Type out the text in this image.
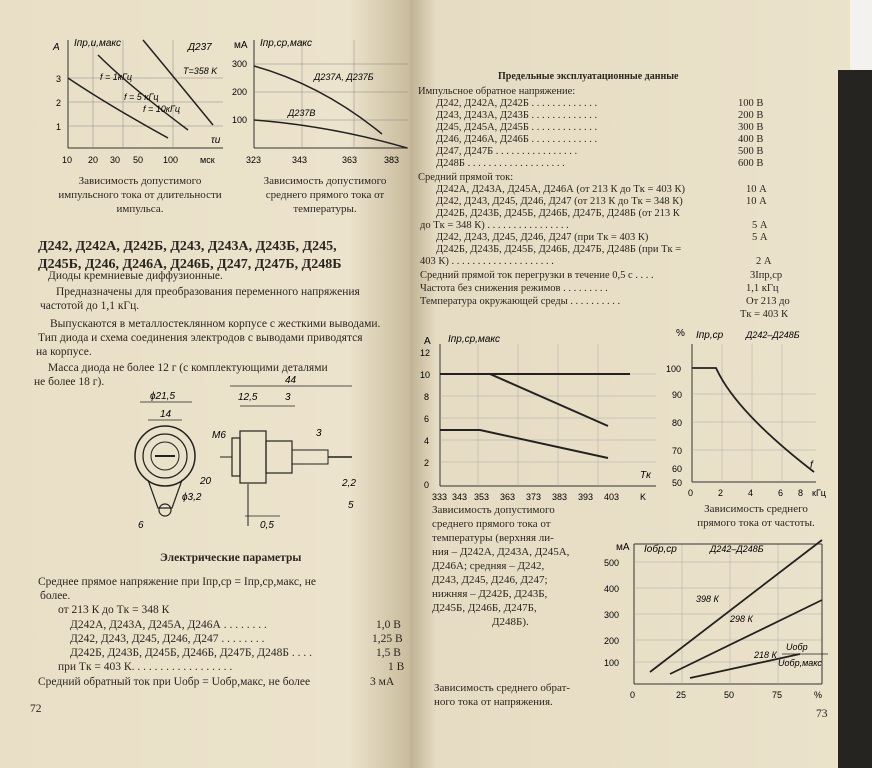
A Iпр,и,макс	Д237
T=358 K
f = 1кГц
f = 5 кГц
f = 10кГц
τи
3
2
1
10 20 30 50 100 мск
Зависимость допустимого импульсного тока от длительности импульса.
мА Iпр,ср,макс
Д237А, Д237Б
Д237В
300
200
100
323	343	363	383
Зависимость допустимого среднего прямого тока от температуры.
Д242, Д242А, Д242Б, Д243, Д243А, Д243Б, Д245,
Д245Б, Д246, Д246А, Д246Б, Д247, Д247Б, Д248Б
Диоды кремниевые диффузионные.
Предназначены для преобразования переменного напряжения
частотой до 1,1 кГц.
Выпускаются в металлостеклянном корпусе с жесткими выводами.
Тип диода и схема соединения электродов с выводами приводятся
на корпусе.
Масса диода не более 12 г (с комплектующими деталями
не более 18 г).	44
ϕ21,5	12,5	3
14
M6
20
ϕ3,2
6	0,5
3
2,2
5
Электрические параметры
Среднее прямое напряжение при Iпр,ср = Iпр,ср,макс, не
более.
от 213 К до Tк = 348 К
Д242А, Д243А, Д245А, Д246А . . . . . . . .	1,0 В
Д242, Д243, Д245, Д246, Д247 . . . . . . . .	1,25 В
Д242Б, Д243Б, Д245Б, Д246Б, Д247Б, Д248Б . . . .	1,5 В
при Tк = 403 К. . . . . . . . . . . . . . . . . .	1 В
Средний обратный ток при Uобр = Uобр,макс, не более	3 мА
72
Предельные эксплуатационные данные
Импульсное обратное напряжение:
Д242, Д242А, Д242Б . . . . . . . . . . . . .	100 В
Д243, Д243А, Д243Б . . . . . . . . . . . . .	200 В
Д245, Д245А, Д245Б . . . . . . . . . . . . .	300 В
Д246, Д246А, Д246Б . . . . . . . . . . . . .	400 В
Д247, Д247Б . . . . . . . . . . . . . . . .	500 В
Д248Б . . . . . . . . . . . . . . . . . . .	600 В
Средний прямой ток:
Д242А, Д243А, Д245А, Д246А (от 213 К до Tк = 403 К)	10 А
Д242, Д243, Д245, Д246, Д247 (от 213 К до Tк = 348 К)	10 А
Д242Б, Д243Б, Д245Б, Д246Б, Д247Б, Д248Б (от 213 К
до Tк = 348 К) . . . . . . . . . . . . . . . .	5 А
Д242, Д243, Д245, Д246, Д247 (при Tк = 403 К)	5 А
Д242Б, Д243Б, Д245Б, Д246Б, Д247Б, Д248Б (при Tк =
403 К) . . . . . . . . . . . . . . . . . . . .	2 А
Средний прямой ток перегрузки в течение 0,5 с . . . .	3Iпр,ср
Частота без снижения режимов . . . . . . . . .	1,1 кГц
Температура окружающей среды . . . . . . . . . .	От 213 до
Tк = 403 К
A Iпр,ср,макс
12
10
8
6
4
2
0
Tк
333 343 353 363 373 383 393 403 K
Зависимость допустимого
среднего прямого тока от
температуры (верхняя ли-
ния – Д242А, Д243А, Д245А,
Д246А; средняя – Д242,
Д243, Д245, Д246, Д247;
нижняя – Д242Б, Д243Б,
Д245Б, Д246Б, Д247Б,
Д248Б).
% Iпр,ср	Д242–Д248Б
100
90
80
70
60
50
f
0	2	4	6 8 кГц
Зависимость среднего
прямого тока от частоты.
мА Iобр,ср	Д242–Д248Б
398 К
298 К
218 К
Uобр
Uобр,макс
500
400
300
200
100
0	25	50	75	%
Зависимость среднего обрат-
ного тока от напряжения.
73
